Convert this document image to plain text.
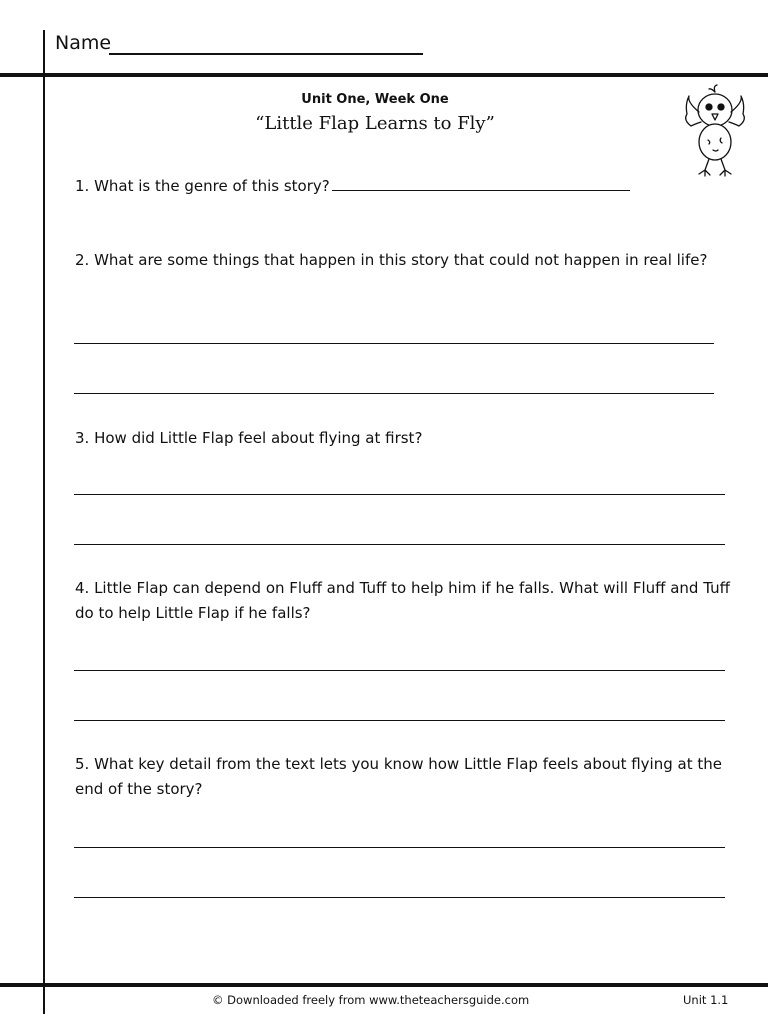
Name
Unit One, Week One
“Little Flap Learns to Fly”
1. What is the genre of this story?
2. What are some things that happen in this story that could not happen in real life?
3. How did Little Flap feel about flying at first?
4. Little Flap can depend on Fluff and Tuff to help him if he falls. What will Fluff and Tuff do to help Little Flap if he falls?
5. What key detail from the text lets you know how Little Flap feels about flying at the end of the story?
© Downloaded freely from www.theteachersguide.com	Unit 1.1
